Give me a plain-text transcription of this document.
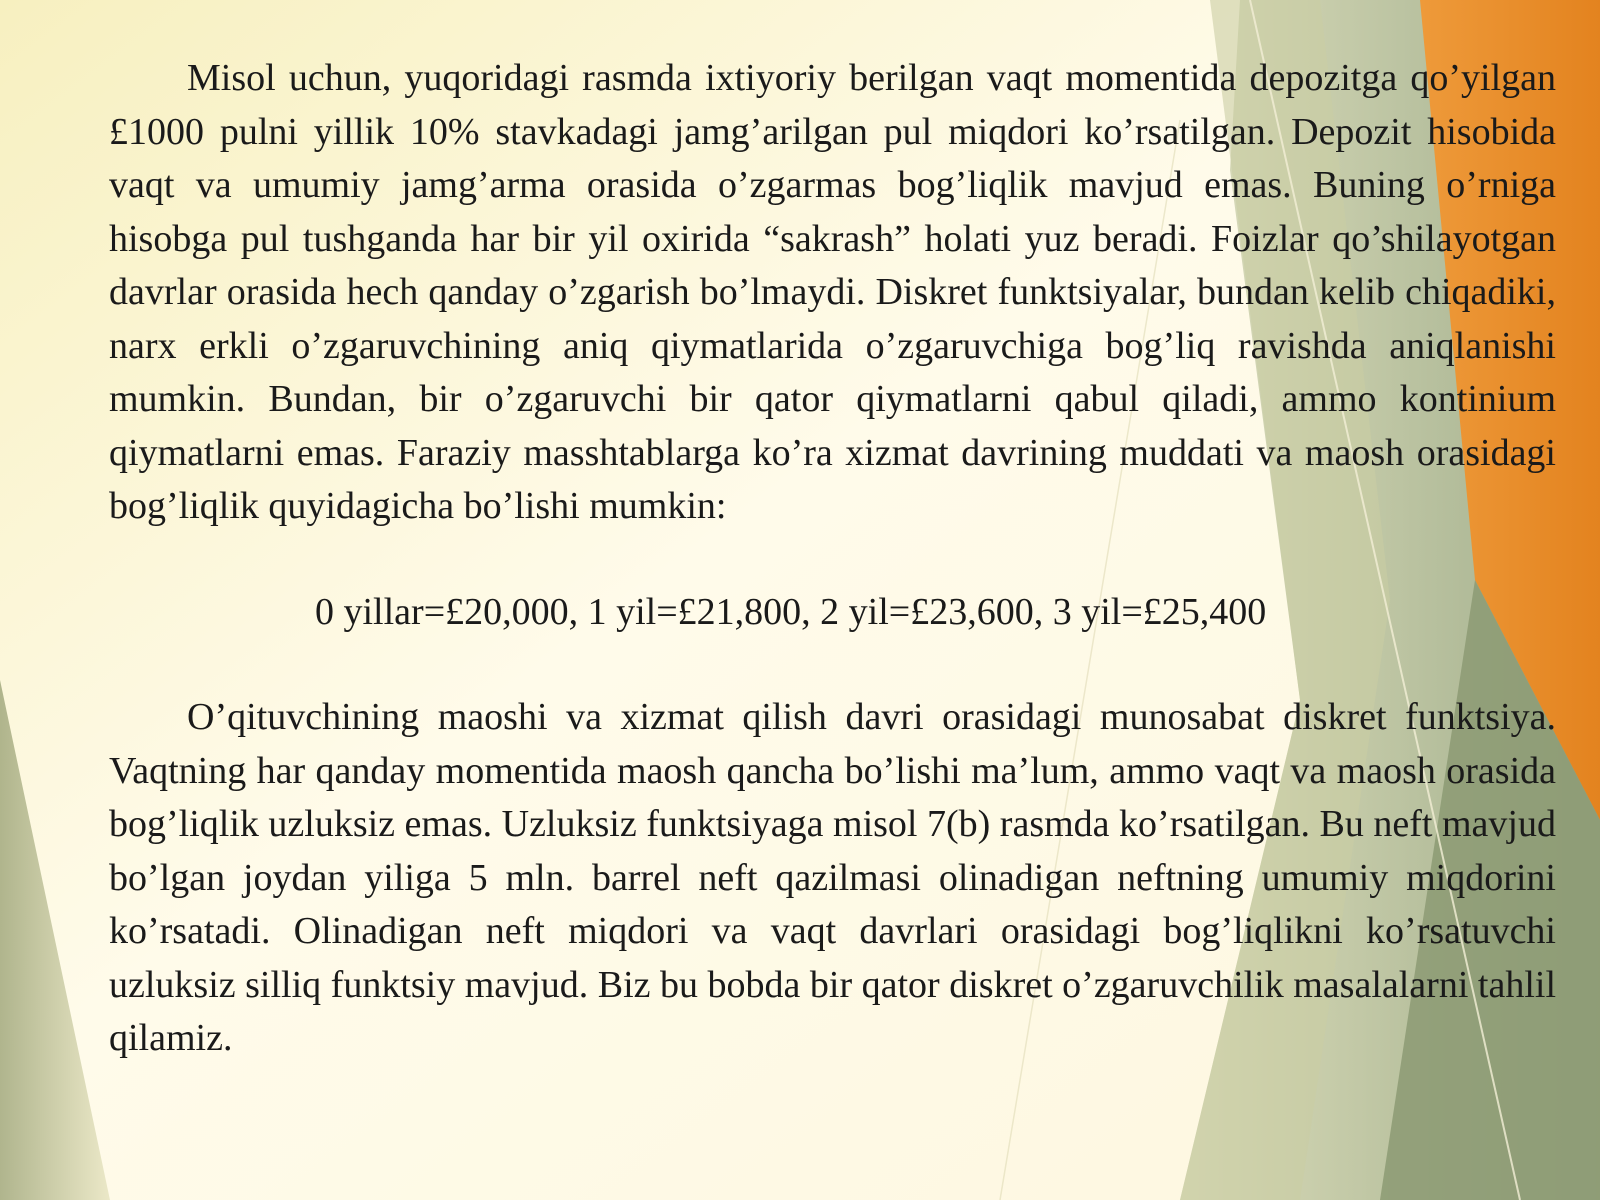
Misol uchun, yuqoridagi rasmda ixtiyoriy berilgan vaqt momentida depozitga qo’yilgan £1000 pulni yillik 10% stavkadagi jamg’arilgan pul miqdori ko’rsatilgan. Depozit hisobida vaqt va umumiy jamg’arma orasida o’zgarmas bog’liqlik mavjud emas. Buning o’rniga hisobga pul tushganda har bir yil oxirida “sakrash” holati yuz beradi. Foizlar qo’shilayotgan davrlar orasida hech qanday o’zgarish bo’lmaydi. Diskret funktsiyalar, bundan kelib chiqadiki, narx erkli o’zgaruvchining aniq qiymatlarida o’zgaruvchiga bog’liq ravishda aniqlanishi mumkin. Bundan, bir o’zgaruvchi bir qator qiymatlarni qabul qiladi, ammo kontinium qiymatlarni emas. Faraziy masshtablarga ko’ra xizmat davrining muddati va maosh orasidagi bog’liqlik quyidagicha bo’lishi mumkin:

0 yillar=£20,000, 1 yil=£21,800, 2 yil=£23,600, 3 yil=£25,400

O’qituvchining maoshi va xizmat qilish davri orasidagi munosabat diskret funktsiya. Vaqtning har qanday momentida maosh qancha bo’lishi ma’lum, ammo vaqt va maosh orasida bog’liqlik uzluksiz emas. Uzluksiz funktsiyaga misol 7(b) rasmda ko’rsatilgan. Bu neft mavjud bo’lgan joydan yiliga 5 mln. barrel neft qazilmasi olinadigan neftning umumiy miqdorini ko’rsatadi. Olinadigan neft miqdori va vaqt davrlari orasidagi bog’liqlikni ko’rsatuvchi uzluksiz silliq funktsiy mavjud. Biz bu bobda bir qator diskret o’zgaruvchilik masalalarni tahlil qilamiz.
